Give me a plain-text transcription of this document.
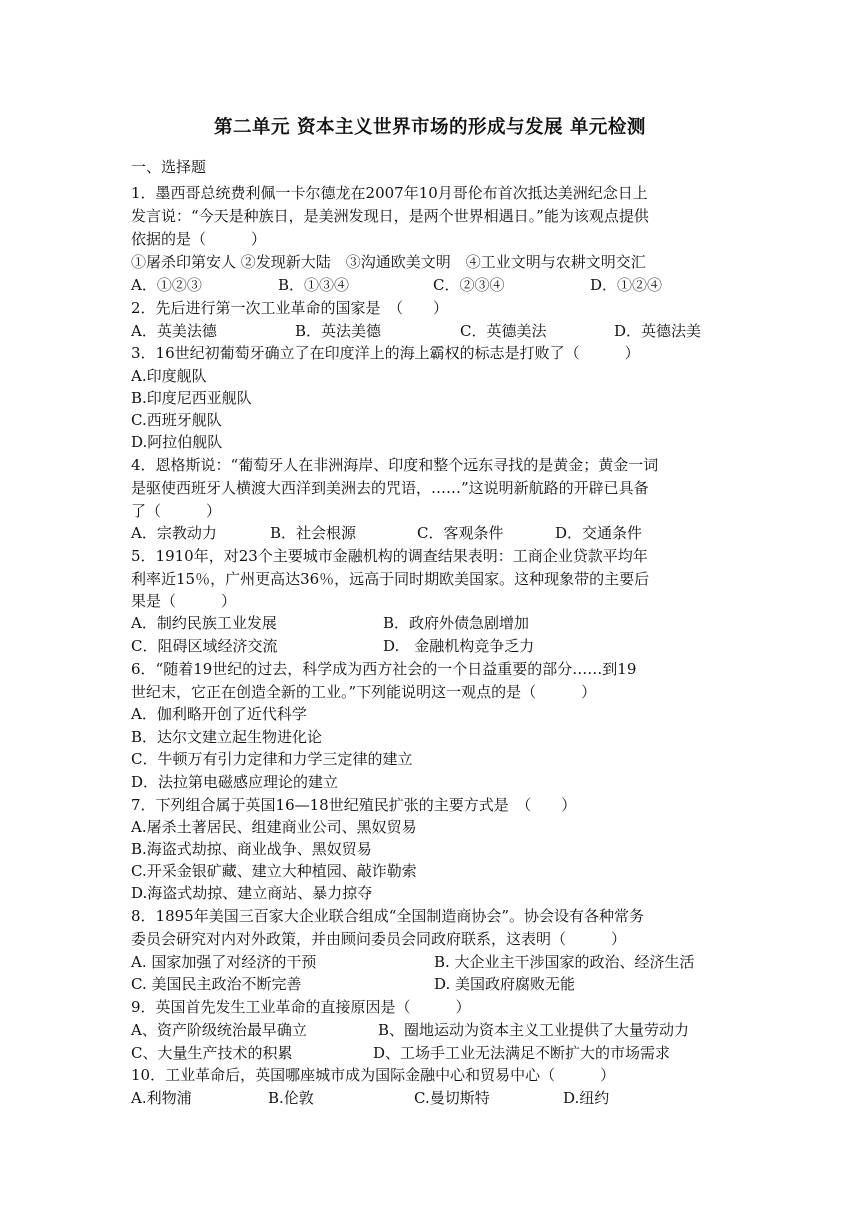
第二单元 资本主义世界市场的形成与发展 单元检测
一、选择题
1．墨西哥总统费利佩一卡尔德龙在2007年10月哥伦布首次抵达美洲纪念日上
发言说：“今天是种族日，是美洲发现日，是两个世界相遇日。”能为该观点提供
依据的是（　　　）
①屠杀印第安人 ②发现新大陆　③沟通欧美文明　④工业文明与农耕文明交汇
A．①②③	B．①③④	C．②③④	D．①②④
2．先后进行第一次工业革命的国家是　（　　）
A．英美法德	B．英法美德	C．英德美法	D．英德法美
3．16世纪初葡萄牙确立了在印度洋上的海上霸权的标志是打败了（　　　）
A.印度舰队
B.印度尼西亚舰队
C.西班牙舰队
D.阿拉伯舰队
4．恩格斯说：“葡萄牙人在非洲海岸、印度和整个远东寻找的是黄金；黄金一词
是驱使西班牙人横渡大西洋到美洲去的咒语，……”这说明新航路的开辟已具备
了（　　　）
A．宗教动力	B．社会根源	C．客观条件	D．交通条件
5．1910年，对23个主要城市金融机构的调查结果表明：工商企业贷款平均年
利率近15％，广州更高达36％，远高于同时期欧美国家。这种现象带的主要后
果是（　　　）
A．制约民族工业发展	B．政府外债急剧增加
C．阻碍区域经济交流	D.　金融机构竞争乏力
6．“随着19世纪的过去，科学成为西方社会的一个日益重要的部分……到19
世纪末，它正在创造全新的工业。”下列能说明这一观点的是（　　　）
A．伽利略开创了近代科学
B．达尔文建立起生物进化论
C．牛顿万有引力定律和力学三定律的建立
D．法拉第电磁感应理论的建立
7．下列组合属于英国16—18世纪殖民扩张的主要方式是　（　　）
A.屠杀土著居民、组建商业公司、黑奴贸易
B.海盗式劫掠、商业战争、黑奴贸易
C.开采金银矿藏、建立大种植园、敲诈勒索
D.海盗式劫掠、建立商站、暴力掠夺
8．1895年美国三百家大企业联合组成“全国制造商协会”。协会设有各种常务
委员会研究对内对外政策，并由顾问委员会同政府联系，这表明（　　　）
A. 国家加强了对经济的干预	B. 大企业主干涉国家的政治、经济生活
C. 美国民主政治不断完善	D. 美国政府腐败无能
9．英国首先发生工业革命的直接原因是（　　　）
A、资产阶级统治最早确立	B、圈地运动为资本主义工业提供了大量劳动力
C、大量生产技术的积累	D、工场手工业无法满足不断扩大的市场需求
10．工业革命后，英国哪座城市成为国际金融中心和贸易中心（　　　）
A.利物浦	B.伦敦	C.曼切斯特	D.纽约
